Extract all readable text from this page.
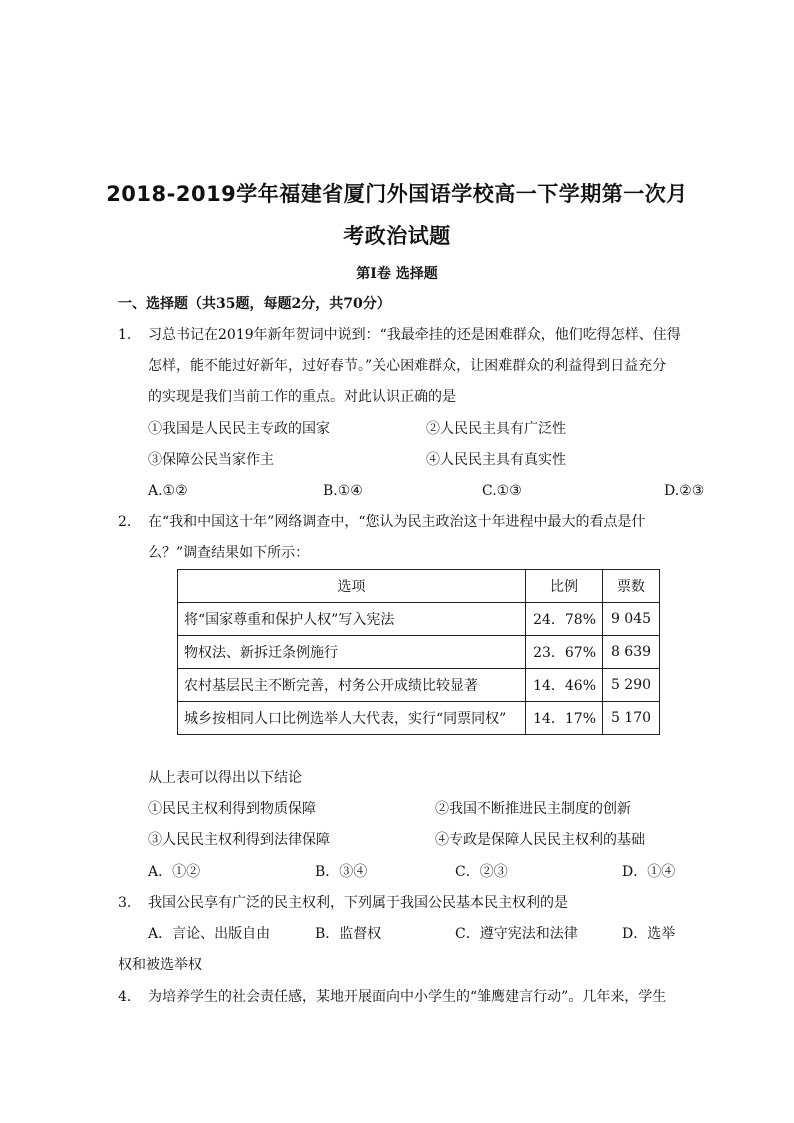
2018-2019学年福建省厦门外国语学校高一下学期第一次月
考政治试题
第Ⅰ卷 选择题
一、选择题（共35题，每题2分，共70分）
1. 习总书记在2019年新年贺词中说到：“我最牵挂的还是困难群众，他们吃得怎样、住得
怎样，能不能过好新年，过好春节。”关心困难群众，让困难群众的利益得到日益充分
的实现是我们当前工作的重点。对此认识正确的是
①我国是人民民主专政的国家	②人民民主具有广泛性
③保障公民当家作主	④人民民主具有真实性
A.①②	B.①④	C.①③	D.②③
2. 在“我和中国这十年”网络调查中，“您认为民主政治这十年进程中最大的看点是什
么？”调查结果如下所示：
选项	比例	票数
将“国家尊重和保护人权”写入宪法	24．78%	9 045
物权法、新拆迁条例施行	23．67%	8 639
农村基层民主不断完善，村务公开成绩比较显著	14．46%	5 290
城乡按相同人口比例选举人大代表，实行“同票同权”	14．17%	5 170
从上表可以得出以下结论
①民民主权利得到物质保障	②我国不断推进民主制度的创新
③人民民主权利得到法律保障	④专政是保障人民民主权利的基础
A．①②	B．③④	C．②③	D．①④
3. 我国公民享有广泛的民主权利，下列属于我国公民基本民主权利的是
A．言论、出版自由	B．监督权	C．遵守宪法和法律	D．选举
权和被选举权
4． 为培养学生的社会责任感，某地开展面向中小学生的“雏鹰建言行动”。几年来，学生
